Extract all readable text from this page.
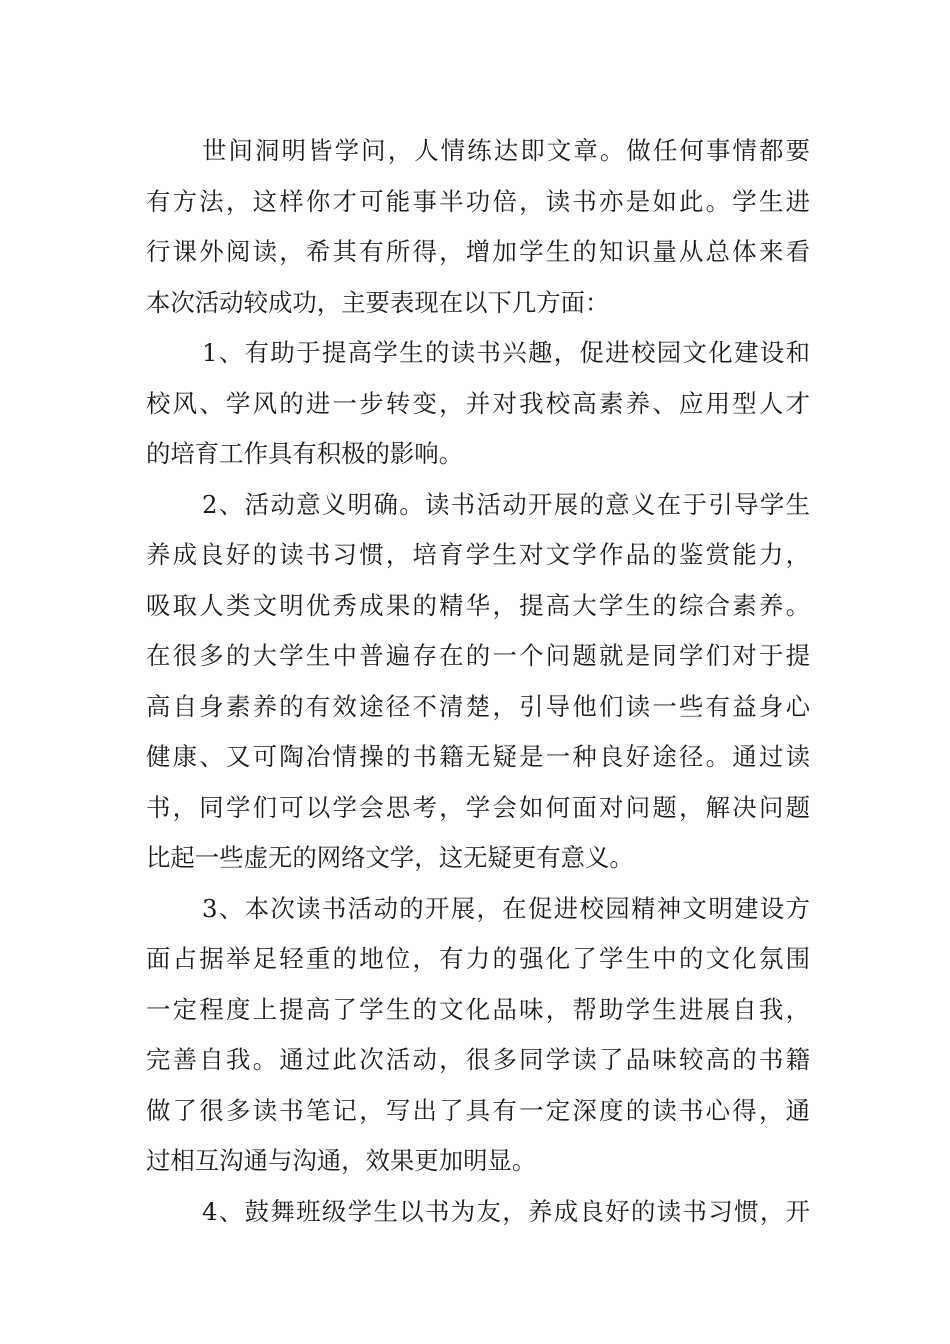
世间洞明皆学问，人情练达即文章。做任何事情都要
有方法，这样你才可能事半功倍，读书亦是如此。学生进
行课外阅读，希其有所得，增加学生的知识量从总体来看
本次活动较成功，主要表现在以下几方面：
1、有助于提高学生的读书兴趣，促进校园文化建设和
校风、学风的进一步转变，并对我校高素养、应用型人才
的培育工作具有积极的影响。
2、活动意义明确。读书活动开展的意义在于引导学生
养成良好的读书习惯，培育学生对文学作品的鉴赏能力，
吸取人类文明优秀成果的精华，提高大学生的综合素养。
在很多的大学生中普遍存在的一个问题就是同学们对于提
高自身素养的有效途径不清楚，引导他们读一些有益身心
健康、又可陶冶情操的书籍无疑是一种良好途径。通过读
书，同学们可以学会思考，学会如何面对问题，解决问题
比起一些虚无的网络文学，这无疑更有意义。
3、本次读书活动的开展，在促进校园精神文明建设方
面占据举足轻重的地位，有力的强化了学生中的文化氛围
一定程度上提高了学生的文化品味，帮助学生进展自我，
完善自我。通过此次活动，很多同学读了品味较高的书籍
做了很多读书笔记，写出了具有一定深度的读书心得，通
过相互沟通与沟通，效果更加明显。
4、鼓舞班级学生以书为友，养成良好的读书习惯，开
